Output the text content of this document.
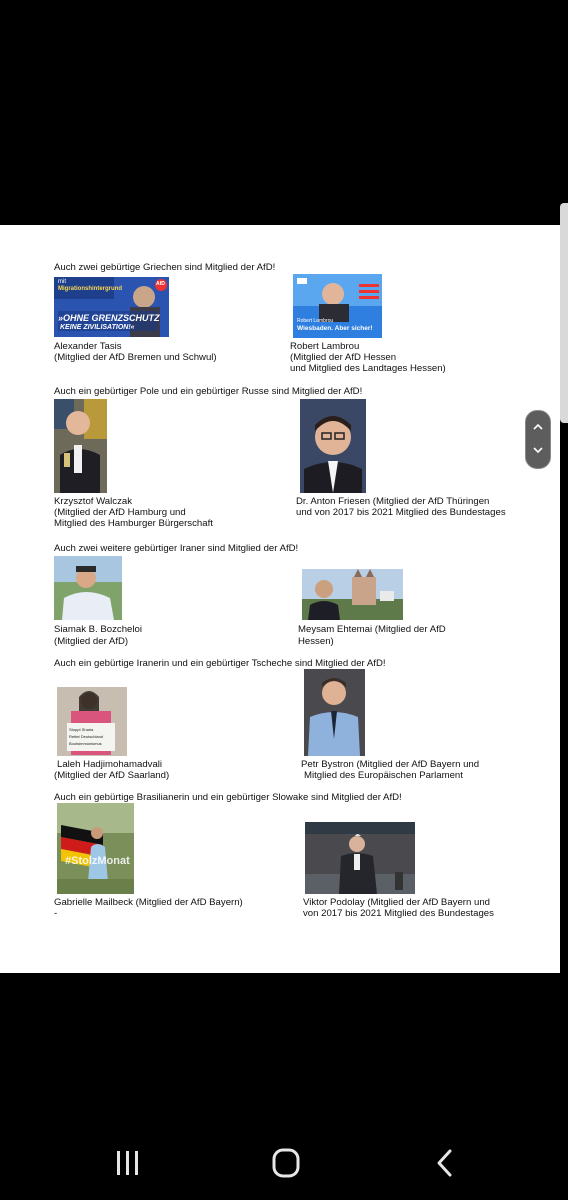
Auch zwei gebürtige Griechen sind Mitglied der AfD!
mit
Migrationshintergrund
»OHNE GRENZSCHUTZ
KEINE ZIVILISATION!«
AfD
Alexander Tasis
(Mitglied der AfD Bremen und Schwul)
Robert Lambrou
Wiesbaden. Aber sicher!
Robert Lambrou
(Mitglied der AfD Hessen
und Mitglied des Landtages Hessen)
Auch ein gebürtiger Pole und ein gebürtiger Russe sind Mitglied der AfD!
Krzysztof Walczak
(Mitglied der AfD Hamburg und
Mitglied des Hamburger Bürgerschaft
Dr. Anton Friesen (Mitglied der AfD Thüringen
und von 2017 bis 2021 Mitglied des Bundestages
Auch zwei weitere gebürtiger Iraner sind Mitglied der AfD!
Siamak B. Bozcheloi
(Mitglied der AfD)
Meysam Ehtemai (Mitglied der AfD
Hessen)
Auch ein gebürtige Iranerin und ein gebürtiger Tscheche sind Mitglied der AfD!
Stoppt Sharia
Rettet Deutschland
Bootsimmunismus
Laleh Hadjimohamadvali
(Mitglied der AfD Saarland)
Petr Bystron (Mitglied der AfD Bayern und
Mitglied des Europäischen Parlament
Auch ein gebürtige Brasilianerin und ein gebürtiger Slowake sind Mitglied der AfD!
#StolzMonat
Gabrielle Mailbeck (Mitglied der AfD Bayern)
-
Viktor Podolay (Mitglied der AfD Bayern und
von 2017 bis 2021 Mitglied des Bundestages
